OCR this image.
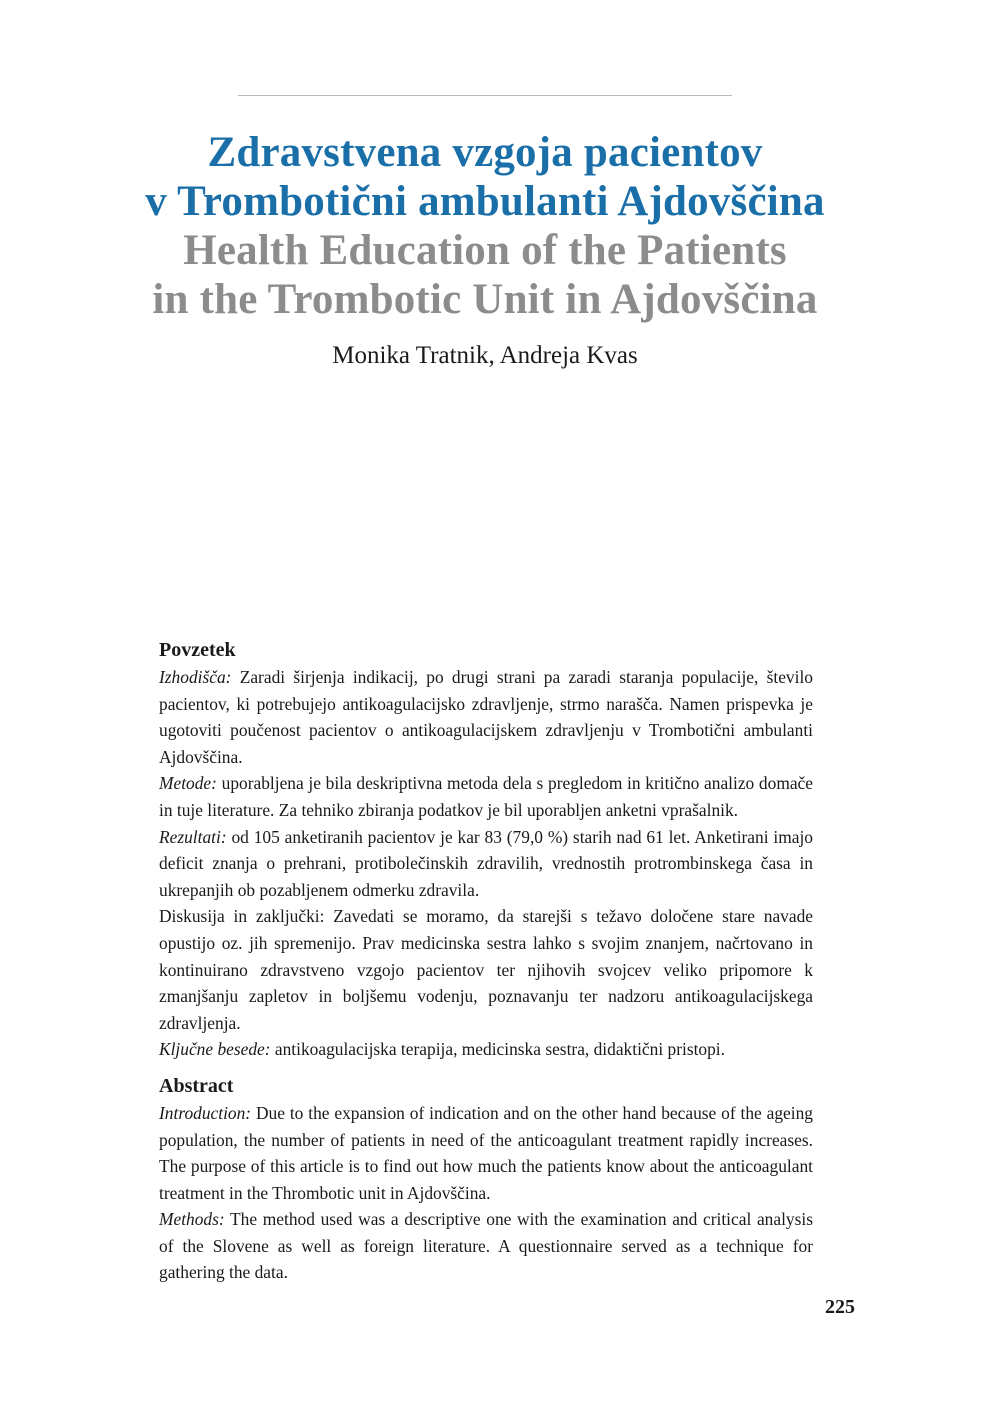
Zdravstvena vzgoja pacientov
v Trombotični ambulanti Ajdovščina
Health Education of the Patients
in the Trombotic Unit in Ajdovščina
Monika Tratnik, Andreja Kvas
Povzetek

Izhodišča: Zaradi širjenja indikacij, po drugi strani pa zaradi staranja populacije, število pacientov, ki potrebujejo antikoagulacijsko zdravljenje, strmo narašča. Namen prispevka je ugotoviti poučenost pacientov o antikoagulacijskem zdravljenju v Trombotični ambulanti Ajdovščina.

Metode: uporabljena je bila deskriptivna metoda dela s pregledom in kritično analizo domače in tuje literature. Za tehniko zbiranja podatkov je bil uporabljen anketni vprašalnik.

Rezultati: od 105 anketiranih pacientov je kar 83 (79,0 %) starih nad 61 let. Anketirani imajo deficit znanja o prehrani, protibolečinskih zdravilih, vrednostih protrombinskega časa in ukrepanjih ob pozabljenem odmerku zdravila.

Diskusija in zaključki: Zavedati se moramo, da starejši s težavo določene stare navade opustijo oz. jih spremenijo. Prav medicinska sestra lahko s svojim znanjem, načrtovano in kontinuirano zdravstveno vzgojo pacientov ter njihovih svojcev veliko pripomore k zmanjšanju zapletov in boljšemu vodenju, poznavanju ter nadzoru antikoagulacijskega zdravljenja.

Ključne besede: antikoagulacijska terapija, medicinska sestra, didaktični pristopi.

Abstract

Introduction: Due to the expansion of indication and on the other hand because of the ageing population, the number of patients in need of the anticoagulant treatment rapidly increases. The purpose of this article is to find out how much the patients know about the anticoagulant treatment in the Thrombotic unit in Ajdovščina.

Methods: The method used was a descriptive one with the examination and critical analysis of the Slovene as well as foreign literature. A questionnaire served as a technique for gathering the data.

225
